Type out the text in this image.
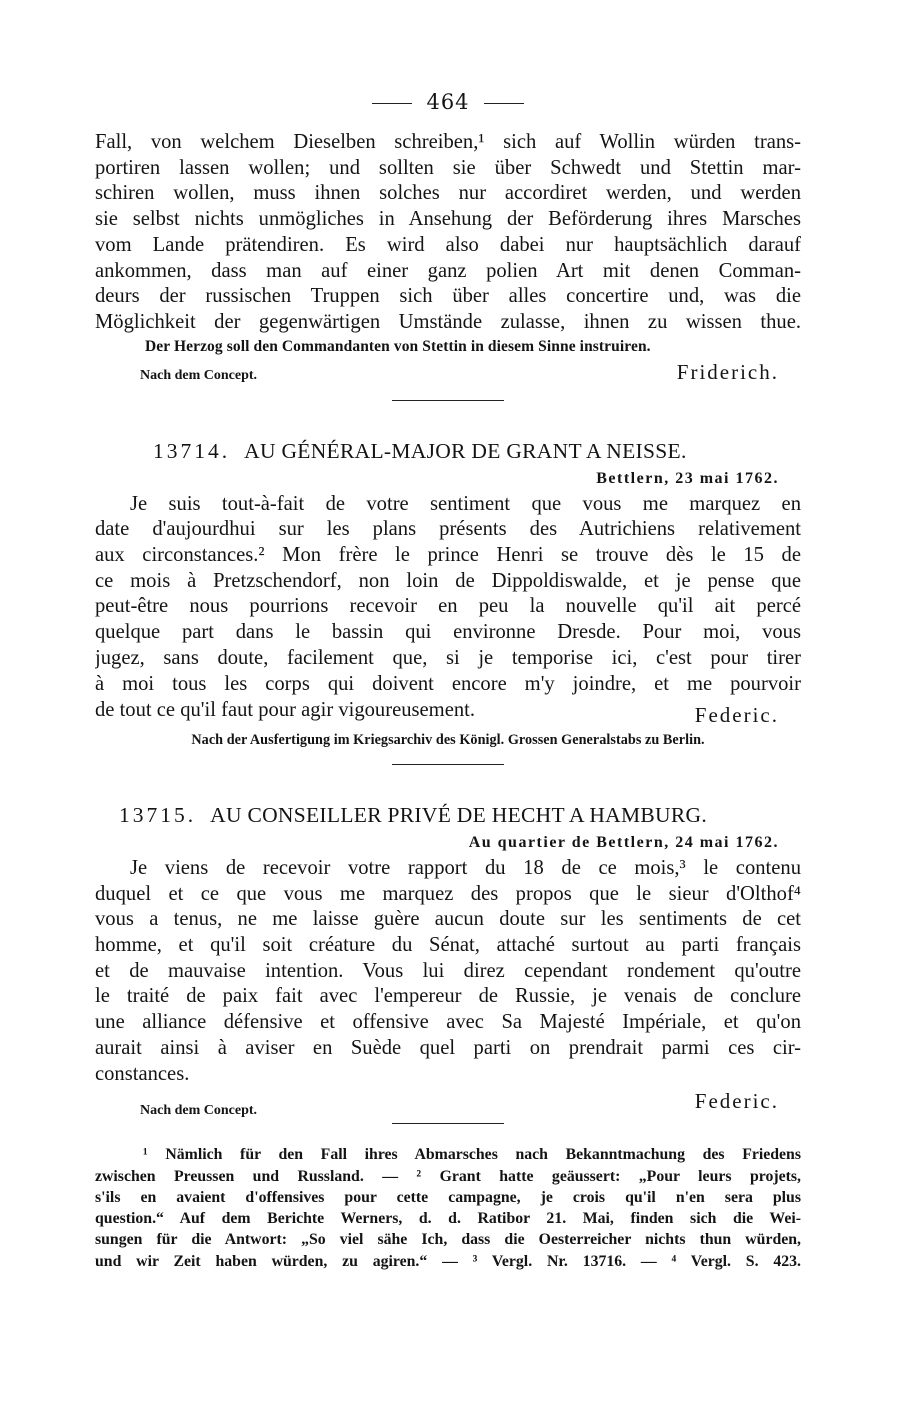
464
Fall, von welchem Dieselben schreiben,¹ sich auf Wollin würden trans-
portiren lassen wollen; und sollten sie über Schwedt und Stettin mar-
schiren wollen, muss ihnen solches nur accordiret werden, und werden
sie selbst nichts unmögliches in Ansehung der Beförderung ihres Marsches
vom Lande prätendiren. Es wird also dabei nur hauptsächlich darauf
ankommen, dass man auf einer ganz polien Art mit denen Comman-
deurs der russischen Truppen sich über alles concertire und, was die
Möglichkeit der gegenwärtigen Umstände zulasse, ihnen zu wissen thue.
Der Herzog soll den Commandanten von Stettin in diesem Sinne instruiren.
Nach dem Concept.	Friderich.
13714. AU GÉNÉRAL-MAJOR DE GRANT A NEISSE.
Bettlern, 23 mai 1762.
Je suis tout-à-fait de votre sentiment que vous me marquez en
date d'aujourdhui sur les plans présents des Autrichiens relativement
aux circonstances.² Mon frère le prince Henri se trouve dès le 15 de
ce mois à Pretzschendorf, non loin de Dippoldiswalde, et je pense que
peut-être nous pourrions recevoir en peu la nouvelle qu'il ait percé
quelque part dans le bassin qui environne Dresde. Pour moi, vous
jugez, sans doute, facilement que, si je temporise ici, c'est pour tirer
à moi tous les corps qui doivent encore m'y joindre, et me pourvoir
de tout ce qu'il faut pour agir vigoureusement.	Federic.
Nach der Ausfertigung im Kriegsarchiv des Königl. Grossen Generalstabs zu Berlin.
13715. AU CONSEILLER PRIVÉ DE HECHT A HAMBURG.
Au quartier de Bettlern, 24 mai 1762.
Je viens de recevoir votre rapport du 18 de ce mois,³ le contenu
duquel et ce que vous me marquez des propos que le sieur d'Olthof⁴
vous a tenus, ne me laisse guère aucun doute sur les sentiments de cet
homme, et qu'il soit créature du Sénat, attaché surtout au parti français
et de mauvaise intention. Vous lui direz cependant rondement qu'outre
le traité de paix fait avec l'empereur de Russie, je venais de conclure
une alliance défensive et offensive avec Sa Majesté Impériale, et qu'on
aurait ainsi à aviser en Suède quel parti on prendrait parmi ces cir-
constances.
Nach dem Concept.	Federic.
¹ Nämlich für den Fall ihres Abmarsches nach Bekanntmachung des Friedens
zwischen Preussen und Russland. — ² Grant hatte geäussert: „Pour leurs projets,
s'ils en avaient d'offensives pour cette campagne, je crois qu'il n'en sera plus
question.“ Auf dem Berichte Werners, d. d. Ratibor 21. Mai, finden sich die Wei-
sungen für die Antwort: „So viel sähe Ich, dass die Oesterreicher nichts thun würden,
und wir Zeit haben würden, zu agiren.“ — ³ Vergl. Nr. 13716. — ⁴ Vergl. S. 423.
